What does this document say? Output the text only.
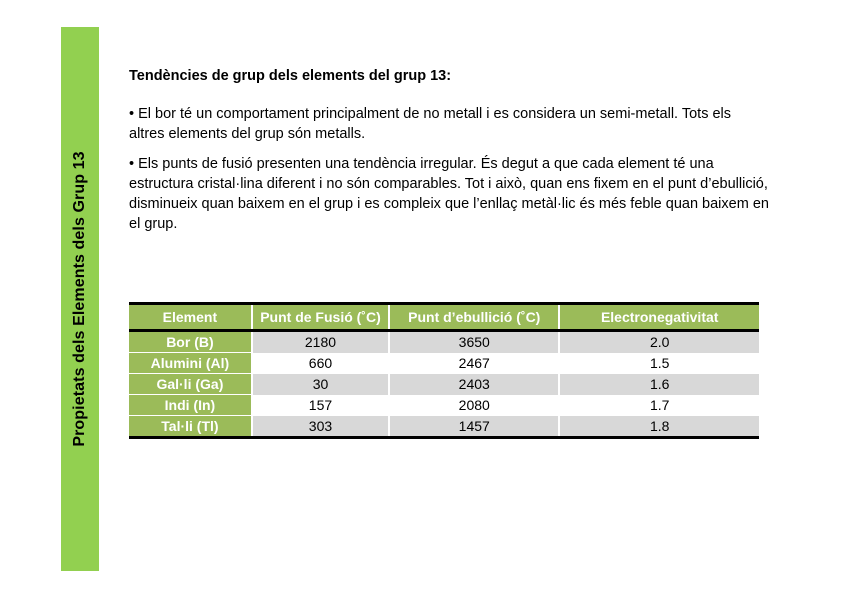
Propietats dels Elements dels Grup 13
Tendències de grup dels elements del grup 13:

• El bor té un comportament principalment de no metall i es considera un semi-metall. Tots els altres elements del grup són metalls.

• Els punts de fusió presenten una tendència irregular. És degut a que cada element té una estructura cristal·lina diferent i no són comparables. Tot i això, quan ens fixem en el punt d’ebullició, disminueix quan baixem en el grup i es compleix que l’enllaç metàl·lic és més feble quan baixem en el grup.

Element	Punt de Fusió (˚C)	Punt d’ebullició (˚C)	Electronegativitat
Bor (B)	2180	3650	2.0
Alumini (Al)	660	2467	1.5
Gal·li (Ga)	30	2403	1.6
Indi (In)	157	2080	1.7
Tal·li (Tl)	303	1457	1.8
